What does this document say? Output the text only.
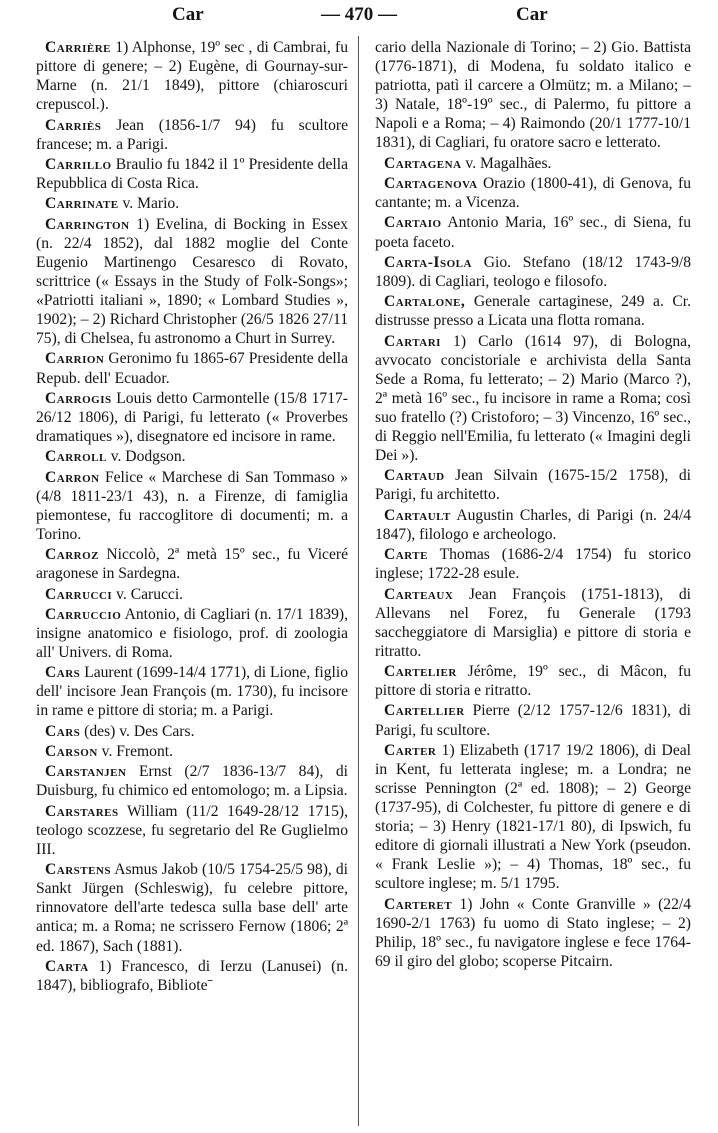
Car	— 470 —	Car

Carrière 1) Alphonse, 19º sec , di Cambrai, fu pittore di genere; – 2) Eugène, di Gournay-sur-Marne (n. 21/1 1849), pittore (chiaroscuri crepuscol.).

Carriès Jean (1856-1/7 94) fu scultore francese; m. a Parigi.

Carrillo Braulio fu 1842 il 1º Presidente della Repubblica di Costa Rica.

Carrinate v. Mario.

Carrington 1) Evelina, di Bocking in Essex (n. 22/4 1852), dal 1882 moglie del Conte Eugenio Martinengo Cesaresco di Rovato, scrittrice (« Essays in the Study of Folk-Songs»; «Patriotti italiani », 1890; « Lombard Studies », 1902); – 2) Richard Christopher (26/5 1826 27/11 75), di Chelsea, fu astronomo a Churt in Surrey.

Carrion Geronimo fu 1865-67 Presidente della Repub. dell' Ecuador.

Carrogis Louis detto Carmontelle (15/8 1717-26/12 1806), di Parigi, fu letterato (« Proverbes dramatiques »), disegnatore ed incisore in rame.

Carroll v. Dodgson.

Carron Felice « Marchese di San Tommaso » (4/8 1811-23/1 43), n. a Firenze, di famiglia piemontese, fu raccoglitore di documenti; m. a Torino.

Carroz Niccolò, 2ª metà 15º sec., fu Viceré aragonese in Sardegna.

Carrucci v. Carucci.

Carruccio Antonio, di Cagliari (n. 17/1 1839), insigne anatomico e fisiologo, prof. di zoologia all' Univers. di Roma.

Cars Laurent (1699-14/4 1771), di Lione, figlio dell' incisore Jean François (m. 1730), fu incisore in rame e pittore di storia; m. a Parigi.

Cars (des) v. Des Cars.

Carson v. Fremont.

Carstanjen Ernst (2/7 1836-13/7 84), di Duisburg, fu chimico ed entomologo; m. a Lipsia.

Carstares William (11/2 1649-28/12 1715), teologo scozzese, fu segretario del Re Guglielmo III.

Carstens Asmus Jakob (10/5 1754-25/5 98), di Sankt Jürgen (Schleswig), fu celebre pittore, rinnovatore dell'arte tedesca sulla base dell' arte antica; m. a Roma; ne scrissero Fernow (1806; 2ª ed. 1867), Sach (1881).

Carta 1) Francesco, di Ierzu (Lanusei) (n. 1847), bibliografo, Biblioteˉ

cario della Nazionale di Torino; – 2) Gio. Battista (1776-1871), di Modena, fu soldato italico e patriotta, patì il carcere a Olmütz; m. a Milano; – 3) Natale, 18º-19º sec., di Palermo, fu pittore a Napoli e a Roma; – 4) Raimondo (20/1 1777-10/1 1831), di Cagliari, fu oratore sacro e letterato.

Cartagena v. Magalhães.

Cartagenova Orazio (1800-41), di Genova, fu cantante; m. a Vicenza.

Cartaio Antonio Maria, 16º sec., di Siena, fu poeta faceto.

Carta-Isola Gio. Stefano (18/12 1743-9/8 1809). di Cagliari, teologo e filosofo.

Cartalone, Generale cartaginese, 249 a. Cr. distrusse presso a Licata una flotta romana.

Cartari 1) Carlo (1614 97), di Bologna, avvocato concistoriale e archivista della Santa Sede a Roma, fu letterato; – 2) Mario (Marco ?), 2ª metà 16º sec., fu incisore in rame a Roma; così suo fratello (?) Cristoforo; – 3) Vincenzo, 16º sec., di Reggio nell'Emilia, fu letterato (« Imagini degli Dei »).

Cartaud Jean Silvain (1675-15/2 1758), di Parigi, fu architetto.

Cartault Augustin Charles, di Parigi (n. 24/4 1847), filologo e archeologo.

Carte Thomas (1686-2/4 1754) fu storico inglese; 1722-28 esule.

Carteaux Jean François (1751-1813), di Allevans nel Forez, fu Generale (1793 saccheggiatore di Marsiglia) e pittore di storia e ritratto.

Cartelier Jérôme, 19º sec., di Mâcon, fu pittore di storia e ritratto.

Cartellier Pierre (2/12 1757-12/6 1831), di Parigi, fu scultore.

Carter 1) Elizabeth (1717 19/2 1806), di Deal in Kent, fu letterata inglese; m. a Londra; ne scrisse Pennington (2ª ed. 1808); – 2) George (1737-95), di Colchester, fu pittore di genere e di storia; – 3) Henry (1821-17/1 80), di Ipswich, fu editore di giornali illustrati a New York (pseudon. « Frank Leslie »); – 4) Thomas, 18º sec., fu scultore inglese; m. 5/1 1795.

Carteret 1) John « Conte Granville » (22/4 1690-2/1 1763) fu uomo di Stato inglese; – 2) Philip, 18º sec., fu navigatore inglese e fece 1764-69 il giro del globo; scoperse Pitcairn.
